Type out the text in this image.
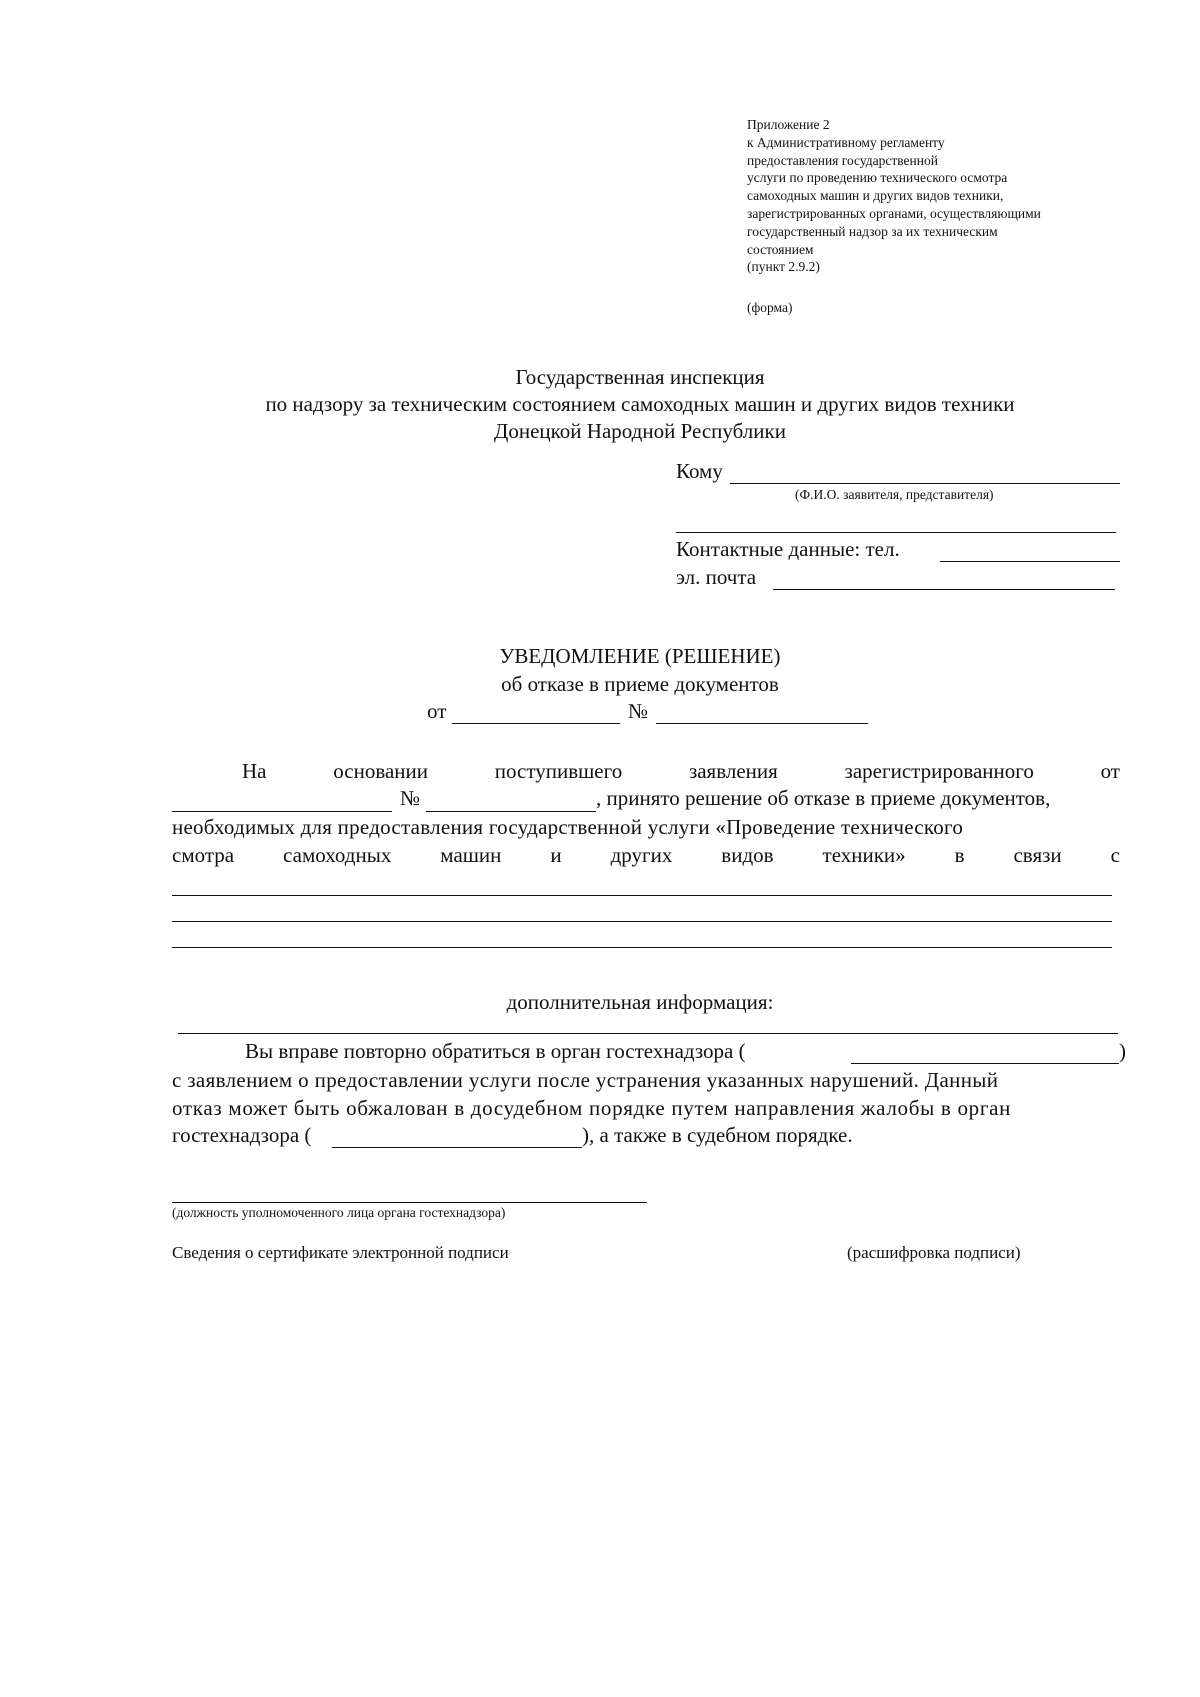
Приложение 2
к Административному регламенту
предоставления государственной
услуги по проведению технического осмотра
самоходных машин и других видов техники,
зарегистрированных органами, осуществляющими
государственный надзор за их техническим
состоянием
(пункт 2.9.2)
(форма)
Государственная инспекция
по надзору за техническим состоянием самоходных машин и других видов техники
Донецкой Народной Республики
Кому
(Ф.И.О. заявителя, представителя)
Контактные данные: тел.
эл. почта
УВЕДОМЛЕНИЕ (РЕШЕНИЕ)
об отказе в приеме документов
от	№
На	основании	поступившего	заявления	зарегистрированного	от
№	, принято решение об отказе в приеме документов,
необходимых для предоставления государственной услуги «Проведение технического
смотра самоходных машин и других видов техники» в связи с
дополнительная информация:
Вы вправе повторно обратиться в орган гостехнадзора (	)
с заявлением о предоставлении услуги после устранения указанных нарушений. Данный
отказ может быть обжалован в досудебном порядке путем направления жалобы в орган
гостехнадзора (	), а также в судебном порядке.
(должность уполномоченного лица органа гостехнадзора)
Сведения о сертификате электронной подписи	(расшифровка подписи)
